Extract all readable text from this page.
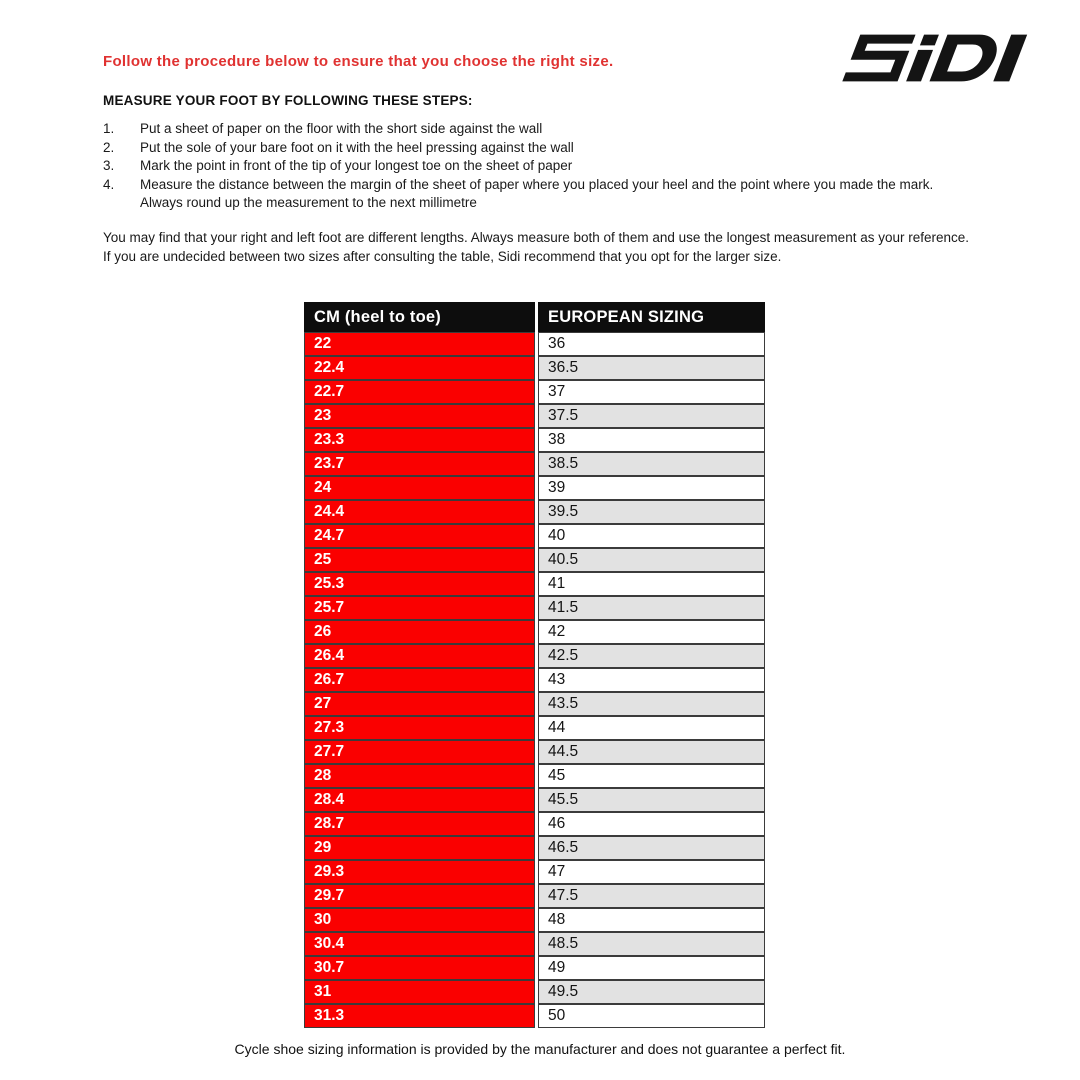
Follow the procedure below to ensure that you choose the right size.
MEASURE YOUR FOOT BY FOLLOWING THESE STEPS:
1.	Put a sheet of paper on the floor with the short side against the wall
2.	Put the sole of your bare foot on it with the heel pressing against the wall
3.	Mark the point in front of the tip of your longest toe on the sheet of paper
4.	Measure the distance between the margin of the sheet of paper where you placed your heel and the point where you made the mark. Always round up the measurement to the next millimetre

You may find that your right and left foot are different lengths. Always measure both of them and use the longest measurement as your reference.

If you are undecided between two sizes after consulting the table, Sidi recommend that you opt for the larger size.

CM (heel to toe)	EUROPEAN SIZING
22	36
22.4	36.5
22.7	37
23	37.5
23.3	38
23.7	38.5
24	39
24.4	39.5
24.7	40
25	40.5
25.3	41
25.7	41.5
26	42
26.4	42.5
26.7	43
27	43.5
27.3	44
27.7	44.5
28	45
28.4	45.5
28.7	46
29	46.5
29.3	47
29.7	47.5
30	48
30.4	48.5
30.7	49
31	49.5
31.3	50
Cycle shoe sizing information is provided by the manufacturer and does not guarantee a perfect fit.
